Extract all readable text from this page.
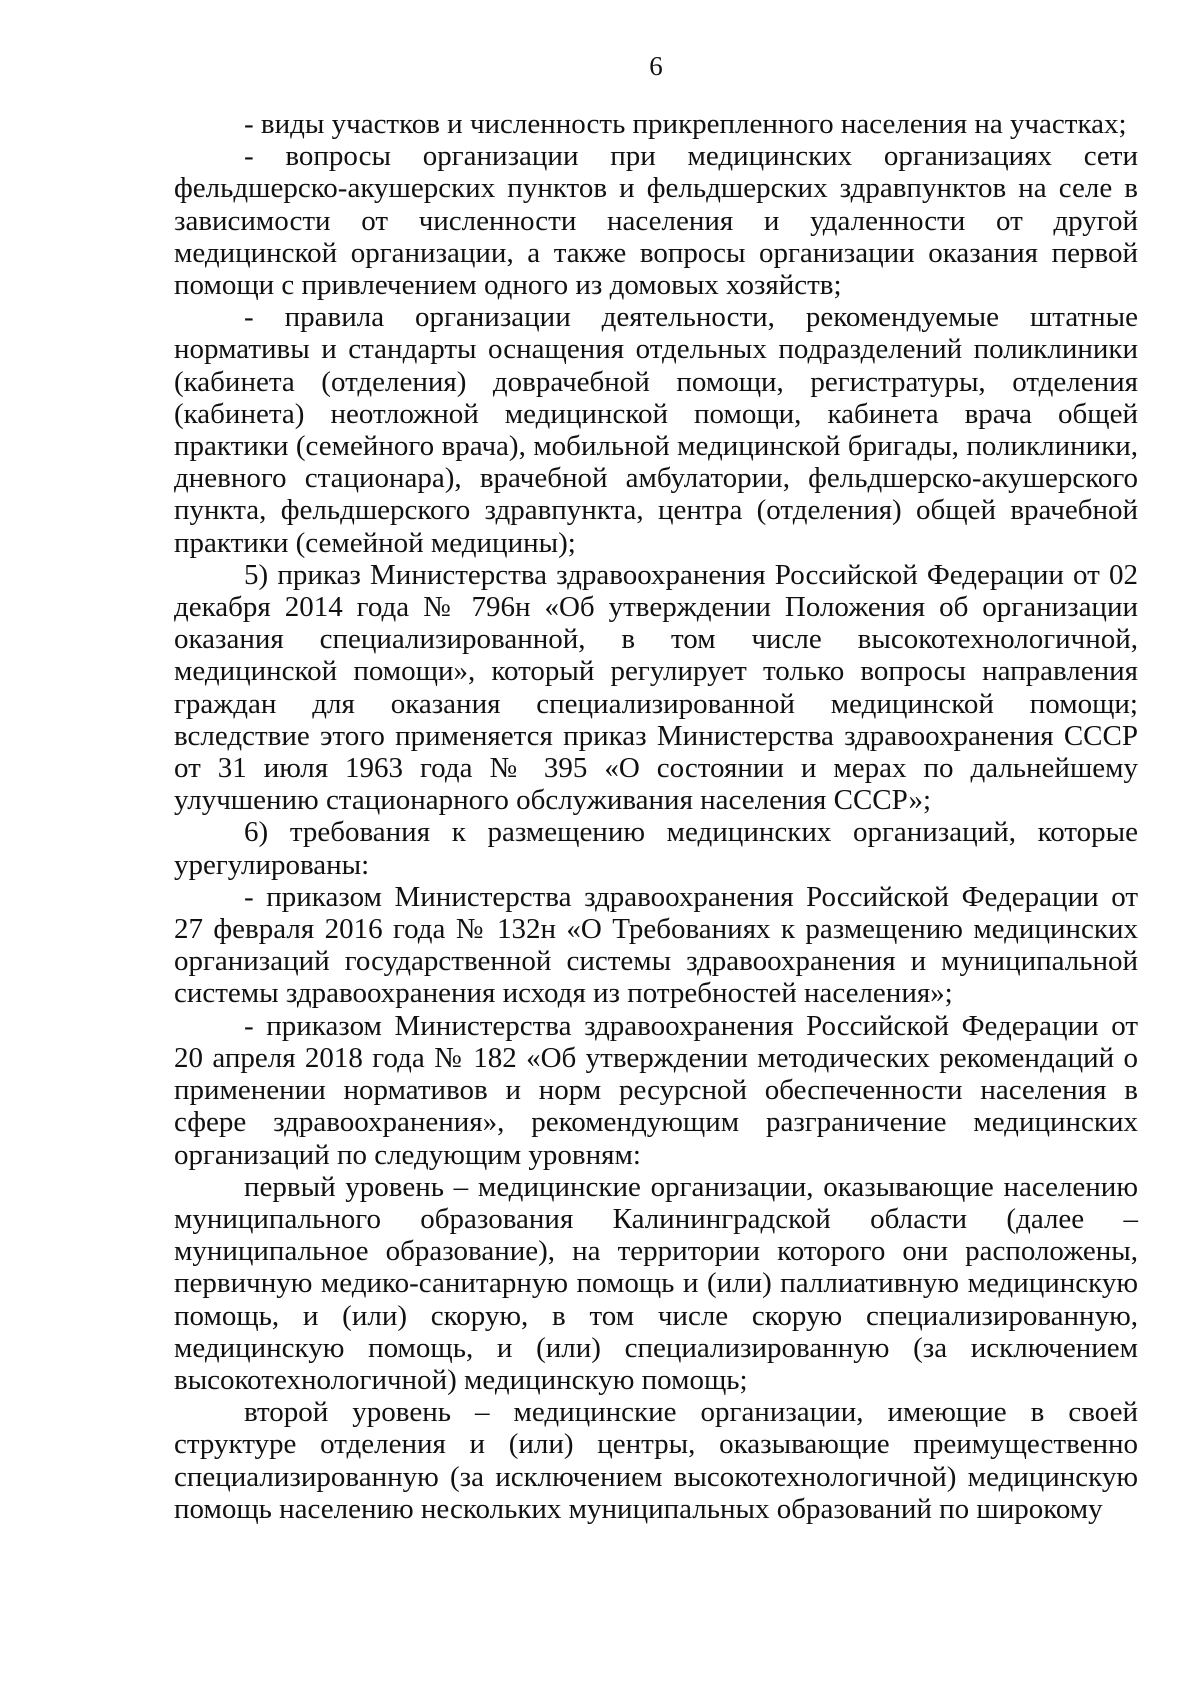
6

- виды участков и численность прикрепленного населения на участках;

- вопросы организации при медицинских организациях сети фельдшерско-акушерских пунктов и фельдшерских здравпунктов на селе в зависимости от численности населения и удаленности от другой медицинской организации, а также вопросы организации оказания первой помощи с привлечением одного из домовых хозяйств;

- правила организации деятельности, рекомендуемые штатные нормативы и стандарты оснащения отдельных подразделений поликлиники (кабинета (отделения) доврачебной помощи, регистратуры, отделения (кабинета) неотложной медицинской помощи, кабинета врача общей практики (семейного врача), мобильной медицинской бригады, поликлиники, дневного стационара), врачебной амбулатории, фельдшерско-акушерского пункта, фельдшерского здравпункта, центра (отделения) общей врачебной практики (семейной медицины);

5) приказ Министерства здравоохранения Российской Федерации от 02 декабря 2014 года № 796н «Об утверждении Положения об организации оказания специализированной, в том числе высокотехнологичной, медицинской помощи», который регулирует только вопросы направления граждан для оказания специализированной медицинской помощи; вследствие этого применяется приказ Министерства здравоохранения СССР от 31 июля 1963 года № 395 «О состоянии и мерах по дальнейшему улучшению стационарного обслуживания населения СССР»;

6) требования к размещению медицинских организаций, которые урегулированы:

- приказом Министерства здравоохранения Российской Федерации от 27 февраля 2016 года № 132н «О Требованиях к размещению медицинских организаций государственной системы здравоохранения и муниципальной системы здравоохранения исходя из потребностей населения»;

- приказом Министерства здравоохранения Российской Федерации от 20 апреля 2018 года № 182 «Об утверждении методических рекомендаций о применении нормативов и норм ресурсной обеспеченности населения в сфере здравоохранения», рекомендующим разграничение медицинских организаций по следующим уровням:

первый уровень – медицинские организации, оказывающие населению муниципального образования Калининградской области (далее – муниципальное образование), на территории которого они расположены, первичную медико-санитарную помощь и (или) паллиативную медицинскую помощь, и (или) скорую, в том числе скорую специализированную, медицинскую помощь, и (или) специализированную (за исключением высокотехнологичной) медицинскую помощь;

второй уровень – медицинские организации, имеющие в своей структуре отделения и (или) центры, оказывающие преимущественно специализированную (за исключением высокотехнологичной) медицинскую помощь населению нескольких муниципальных образований по широкому
